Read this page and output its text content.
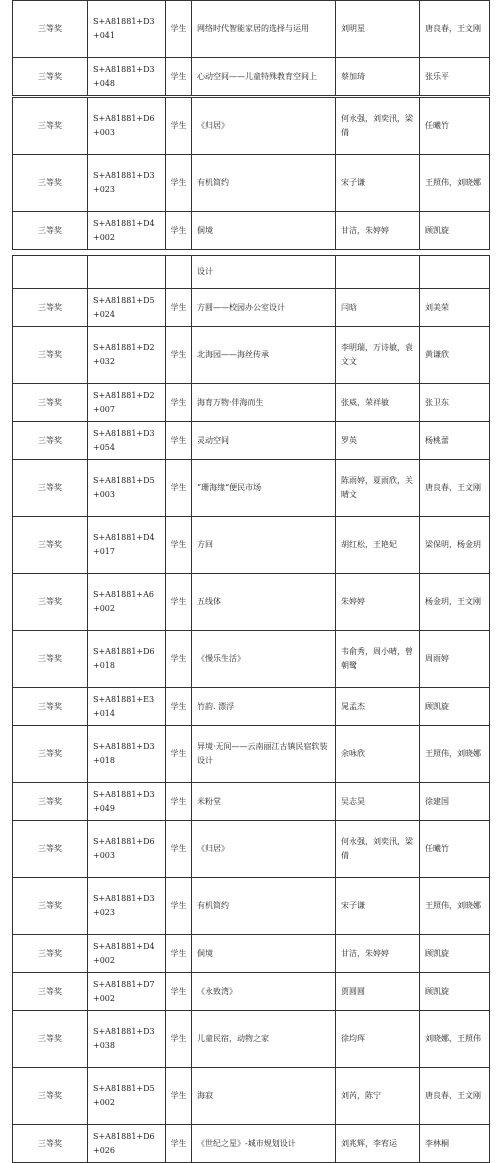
三等奖	S+A81881+D3+041	学生	网络时代智能家居的选择与运用	刘明星	唐良春，王文刚
三等奖	S+A81881+D3+048	学生	心动空间——儿童特殊教育空间上	蔡加琦	张乐平
三等奖	S+A81881+D6+003	学生	《归居》	何永强，刘奕汛，梁倩	任曦竹
三等奖	S+A81881+D3+023	学生	有机简约	宋子谦	王照伟，刘晓娜
三等奖	S+A81881+D4+002	学生	侗境	甘洁，朱婷婷	顾凯旋
			设计		
三等奖	S+A81881+D5+024	学生	方圆——校园办公室设计	闫晗	刘美荣
三等奖	S+A81881+D2+032	学生	北海园——海丝传承	李明瑞，万诗敏，袁文文	黄谦欣
三等奖	S+A81881+D2+007	学生	海育万物·伴海而生	张威，荣祥敏	张卫东
三等奖	S+A81881+D3+054	学生	灵动空间	罗英	杨桃蕾
三等奖	S+A81881+D5+003	学生	”珊海缘“便民市场	陈雨婷，夏雨欣，关晴文	唐良春，王文刚
三等奖	S+A81881+D4+017	学生	方回	胡红松，王艳妃	梁保明，杨金玥
三等奖	S+A81881+A6+002	学生	五线体	朱婷婷	杨金玥，王文刚
三等奖	S+A81881+D6+018	学生	《慢乐生活》	韦俞秀，周小晴，曾朝鹭	周雨婷
三等奖	S+A81881+E3+014	学生	竹韵. 漂浮	晁孟杰	顾凯旋
三等奖	S+A81881+D3+018	学生	异境·无间——云南丽江古镇民宿软装设计	余咏欣	王照伟，刘晓娜
三等奖	S+A81881+D3+049	学生	米粉堂	吴志昊	徐建国
三等奖	S+A81881+D6+003	学生	《归居》	何永强，刘奕汛，梁倩	任曦竹
三等奖	S+A81881+D3+023	学生	有机简约	宋子谦	王照伟，刘晓娜
三等奖	S+A81881+D4+002	学生	侗境	甘洁，朱婷婷	顾凯旋
三等奖	S+A81881+D7+002	学生	《永致湾》	贾圆圆	顾凯旋
三等奖	S+A81881+D3+038	学生	儿童民宿，动物之家	徐均珲	刘晓娜，王照伟
三等奖	S+A81881+D5+002	学生	海寂	刘芮，陈宁	唐良春，王文刚
三等奖	S+A81881+D6+026	学生	《世纪之星》-城市规划设计	刘兆辉，李宥运	李林桐
